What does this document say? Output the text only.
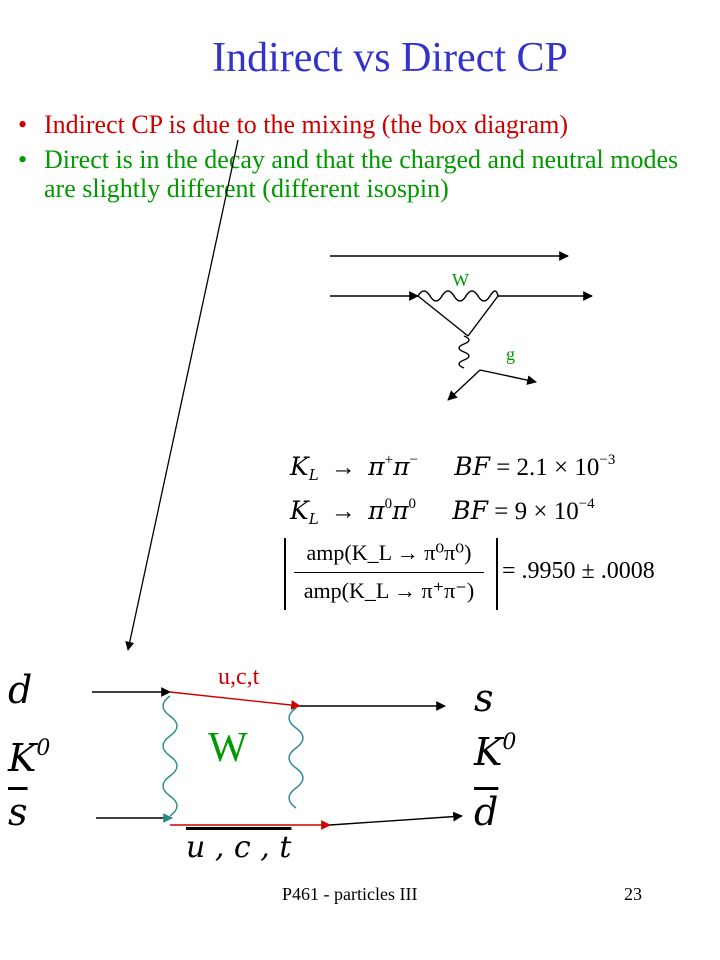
Indirect vs Direct CP
• Indirect CP is due to the mixing (the box diagram)
• Direct is in the decay and that the charged and neutral modes are slightly different (different isospin)
W
g
$K_L \to \pi^+\pi^-$ BF = $2.1 \times 10^{-3}$
$K_L \to \pi^0\pi^0$ BF = $9 \times 10^{-4}$
amp(K_L → π⁰π⁰)
amp(K_L → π⁺π⁻)
= .9950 ± .0008
u,c,t
W
u , c , t
d
$K^0$
$\overline{s}$
s
$K^0$
$\overline{d}$
P461 - particles III	23
